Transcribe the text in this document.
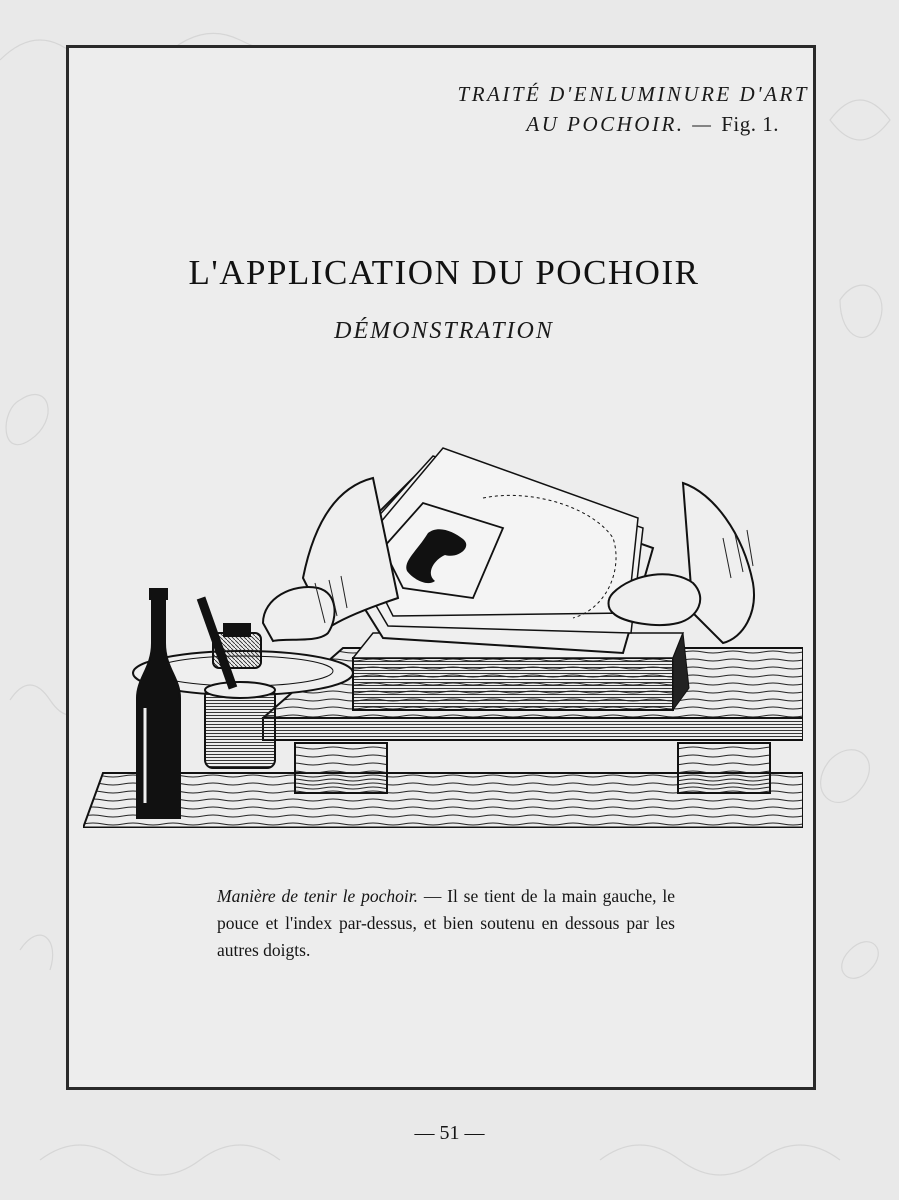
TRAITÉ D'ENLUMINURE D'ART
AU POCHOIR. — Fig. 1.
L'APPLICATION DU POCHOIR
DÉMONSTRATION
Manière de tenir le pochoir. — Il se tient de la main gauche, le pouce et l'index par-dessus, et bien soutenu en dessous par les autres doigts.
— 51 —
